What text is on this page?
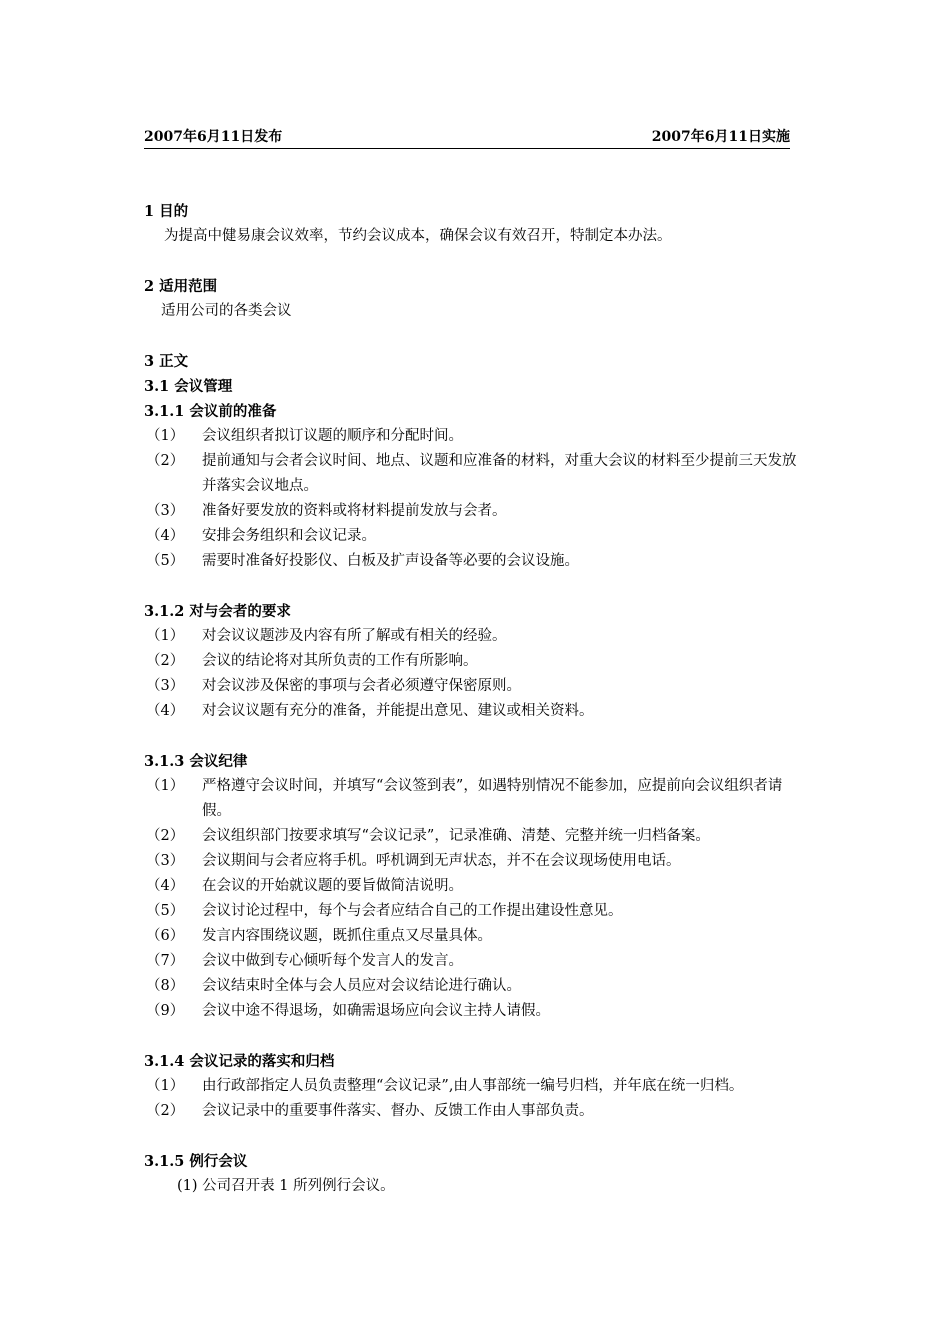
2007年6月11日发布	2007年6月11日实施
1 目的
为提高中健易康会议效率，节约会议成本，确保会议有效召开，特制定本办法。
2 适用范围
适用公司的各类会议
3 正文
3.1 会议管理
3.1.1 会议前的准备
（1）	会议组织者拟订议题的顺序和分配时间。
（2）	提前通知与会者会议时间、地点、议题和应准备的材料，对重大会议的材料至少提前三天发放并落实会议地点。
（3）	准备好要发放的资料或将材料提前发放与会者。
（4）	安排会务组织和会议记录。
（5）	需要时准备好投影仪、白板及扩声设备等必要的会议设施。
3.1.2 对与会者的要求
（1）	对会议议题涉及内容有所了解或有相关的经验。
（2）	会议的结论将对其所负责的工作有所影响。
（3）	对会议涉及保密的事项与会者必须遵守保密原则。
（4）	对会议议题有充分的准备，并能提出意见、建议或相关资料。
3.1.3 会议纪律
（1）	严格遵守会议时间，并填写“会议签到表”，如遇特别情况不能参加，应提前向会议组织者请假。
（2）	会议组织部门按要求填写“会议记录”，记录准确、清楚、完整并统一归档备案。
（3）	会议期间与会者应将手机。呼机调到无声状态，并不在会议现场使用电话。
（4）	在会议的开始就议题的要旨做简洁说明。
（5）	会议讨论过程中，每个与会者应结合自己的工作提出建设性意见。
（6）	发言内容围绕议题，既抓住重点又尽量具体。
（7）	会议中做到专心倾听每个发言人的发言。
（8）	会议结束时全体与会人员应对会议结论进行确认。
（9）	会议中途不得退场，如确需退场应向会议主持人请假。
3.1.4 会议记录的落实和归档
（1）	由行政部指定人员负责整理“会议记录”,由人事部统一编号归档，并年底在统一归档。
（2）	会议记录中的重要事件落实、督办、反馈工作由人事部负责。
3.1.5 例行会议
(1) 公司召开表 1 所列例行会议。
